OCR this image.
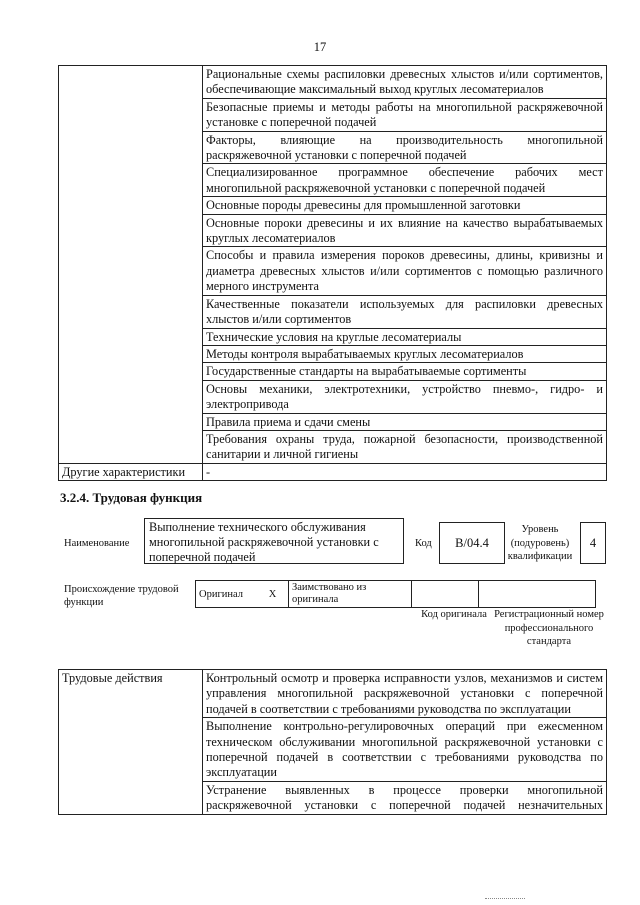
17
	Рациональные схемы распиловки древесных хлыстов и/или сортиментов, обеспечивающие максимальный выход круглых лесоматериалов
	Безопасные приемы и методы работы на многопильной раскряжевочной установке с поперечной подачей
	Факторы, влияющие на производительность многопильной раскряжевочной установки с поперечной подачей
	Специализированное программное обеспечение рабочих мест многопильной раскряжевочной установки с поперечной подачей
	Основные породы древесины для промышленной заготовки
	Основные пороки древесины и их влияние на качество вырабатываемых круглых лесоматериалов
	Способы и правила измерения пороков древесины, длины, кривизны и диаметра древесных хлыстов и/или сортиментов с помощью различного мерного инструмента
	Качественные показатели используемых для распиловки древесных хлыстов и/или сортиментов
	Технические условия на круглые лесоматериалы
	Методы контроля вырабатываемых круглых лесоматериалов
	Государственные стандарты на вырабатываемые сортименты
	Основы механики, электротехники, устройство пневмо-, гидро- и электропривода
	Правила приема и сдачи смены
	Требования охраны труда, пожарной безопасности, производственной санитарии и личной гигиены
Другие характеристики	-
3.2.4. Трудовая функция
Наименование
Выполнение технического обслуживания многопильной раскряжевочной установки с поперечной подачей
Код	B/04.4
Уровень (подуровень) квалификации
4
Происхождение трудовой функции
Оригинал	X	Заимствовано из оригинала		
Код оригинала Регистрационный номер профессионального стандарта
Трудовые действия	Контрольный осмотр и проверка исправности узлов, механизмов и систем управления многопильной раскряжевочной установки с поперечной подачей в соответствии с требованиями руководства по эксплуатации
Выполнение контрольно-регулировочных операций при ежесменном техническом обслуживании многопильной раскряжевочной установки с поперечной подачей в соответствии с требованиями руководства по эксплуатации
Устранение выявленных в процессе проверки многопильной раскряжевочной установки с поперечной подачей незначительных
